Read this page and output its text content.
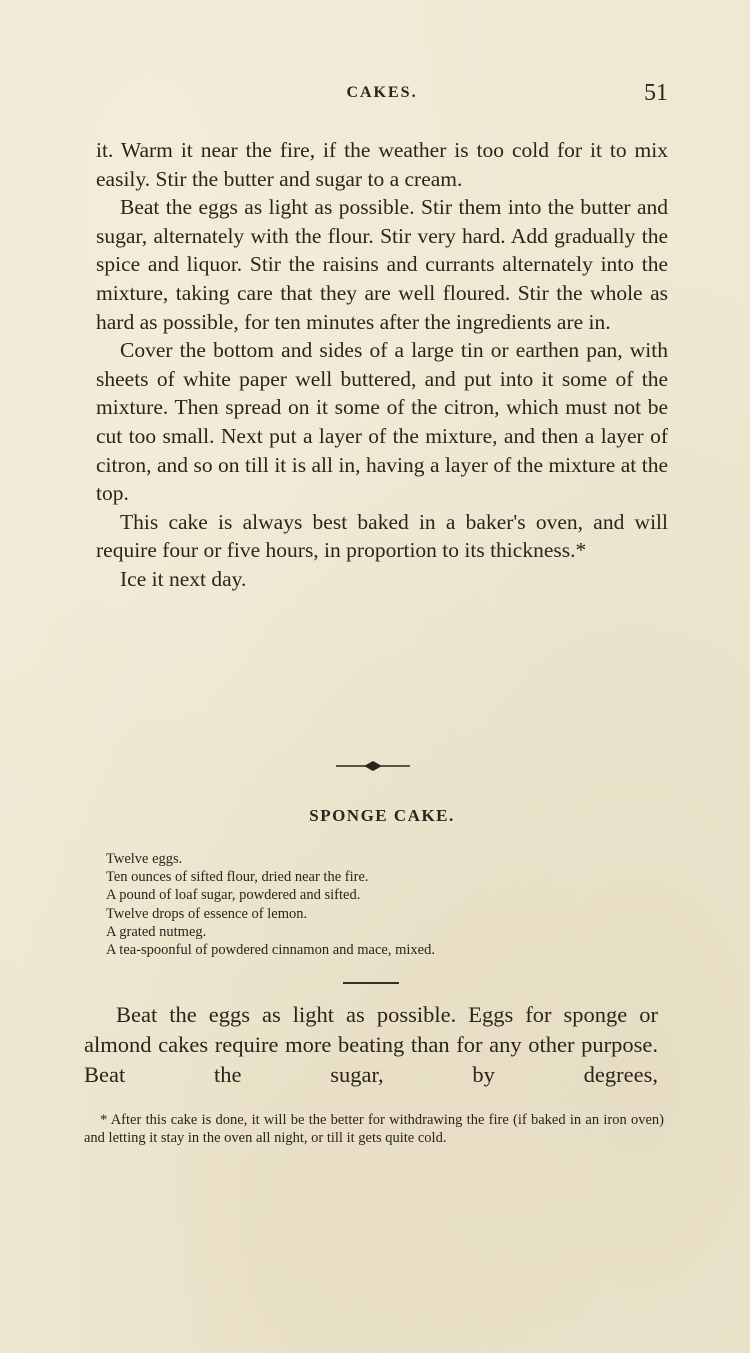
CAKES.	51

it. Warm it near the fire, if the weather is too cold for it to mix easily. Stir the butter and sugar to a cream.

Beat the eggs as light as possible. Stir them into the butter and sugar, alternately with the flour. Stir very hard. Add gradually the spice and liquor. Stir the raisins and currants alternately into the mixture, taking care that they are well floured. Stir the whole as hard as possible, for ten minutes after the ingredients are in.

Cover the bottom and sides of a large tin or earthen pan, with sheets of white paper well buttered, and put into it some of the mixture. Then spread on it some of the citron, which must not be cut too small. Next put a layer of the mixture, and then a layer of citron, and so on till it is all in, having a layer of the mixture at the top.

This cake is always best baked in a baker's oven, and will require four or five hours, in proportion to its thickness.*

Ice it next day.

SPONGE CAKE.
Twelve eggs.
Ten ounces of sifted flour, dried near the fire.
A pound of loaf sugar, powdered and sifted.
Twelve drops of essence of lemon.
A grated nutmeg.
A tea-spoonful of powdered cinnamon and mace, mixed.

Beat the eggs as light as possible. Eggs for sponge or almond cakes require more beating than for any other purpose. Beat the sugar, by degrees,

* After this cake is done, it will be the better for withdrawing the fire (if baked in an iron oven) and letting it stay in the oven all night, or till it gets quite cold.
